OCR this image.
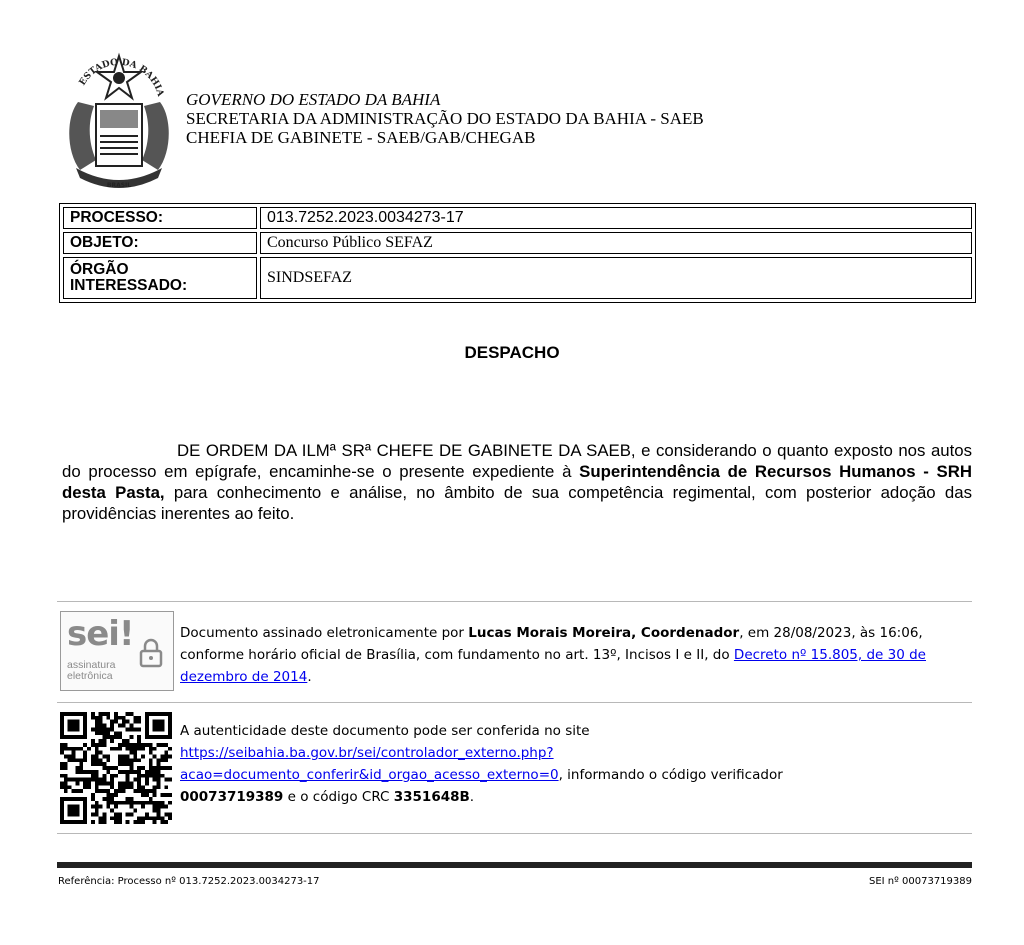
ESTADO DA BAHIA
BRASIL
GOVERNO DO ESTADO DA BAHIA
SECRETARIA DA ADMINISTRAÇÃO DO ESTADO DA BAHIA - SAEB
CHEFIA DE GABINETE - SAEB/GAB/CHEGAB
PROCESSO:	013.7252.2023.0034273-17
OBJETO:	Concurso Público SEFAZ

ÓRGÃO
INTERESSADO:	SINDSEFAZ
DESPACHO
DE ORDEM DA ILMª SRª CHEFE DE GABINETE DA SAEB, e considerando o quanto exposto nos autos do processo em epígrafe, encaminhe-se o presente expediente à Superintendência de Recursos Humanos - SRH desta Pasta, para conhecimento e análise, no âmbito de sua competência regimental, com posterior adoção das providências inerentes ao feito.
sei!
assinatura
eletrônica
Documento assinado eletronicamente por Lucas Morais Moreira, Coordenador, em 28/08/2023, às 16:06, conforme horário oficial de Brasília, com fundamento no art. 13º, Incisos I e II, do Decreto nº 15.805, de 30 de dezembro de 2014.
A autenticidade deste documento pode ser conferida no site
https://seibahia.ba.gov.br/sei/controlador_externo.php?
acao=documento_conferir&id_orgao_acesso_externo=0, informando o código verificador
00073719389 e o código CRC 3351648B.
Referência: Processo nº 013.7252.2023.0034273-17	SEI nº 00073719389
